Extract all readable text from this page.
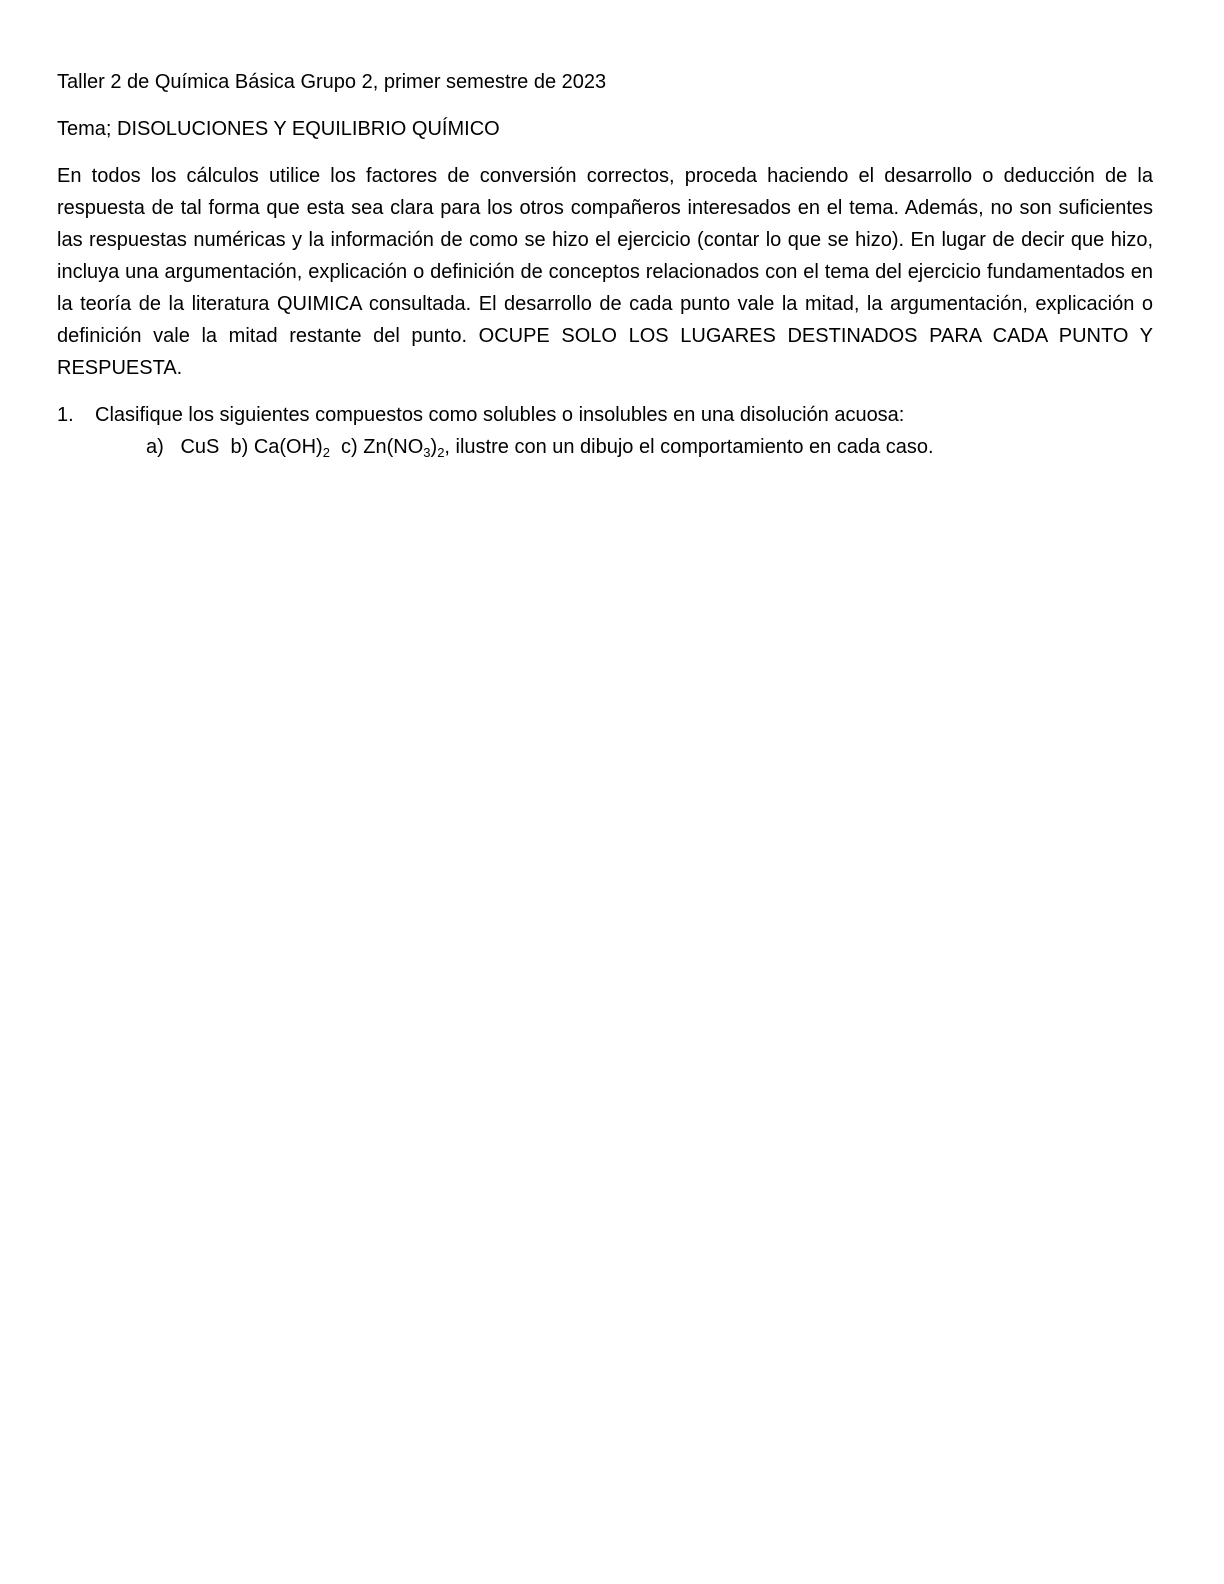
Taller 2 de Química Básica Grupo 2, primer semestre de 2023

Tema; DISOLUCIONES Y EQUILIBRIO QUÍMICO

En todos los cálculos utilice los factores de conversión correctos, proceda haciendo el desarrollo o deducción de la respuesta de tal forma que esta sea clara para los otros compañeros interesados en el tema. Además, no son suficientes las respuestas numéricas y la información de como se hizo el ejercicio (contar lo que se hizo). En lugar de decir que hizo, incluya una argumentación, explicación o definición de conceptos relacionados con el tema del ejercicio fundamentados en la teoría de la literatura QUIMICA consultada. El desarrollo de cada punto vale la mitad, la argumentación, explicación o definición vale la mitad restante del punto. OCUPE SOLO LOS LUGARES DESTINADOS PARA CADA PUNTO Y RESPUESTA.

1.	Clasifique los siguientes compuestos como solubles o insolubles en una disolución acuosa:
a)   CuS  b) $Ca(OH)_2$  c) $Zn(NO_3)_2$, ilustre con un dibujo el comportamiento en cada caso.
